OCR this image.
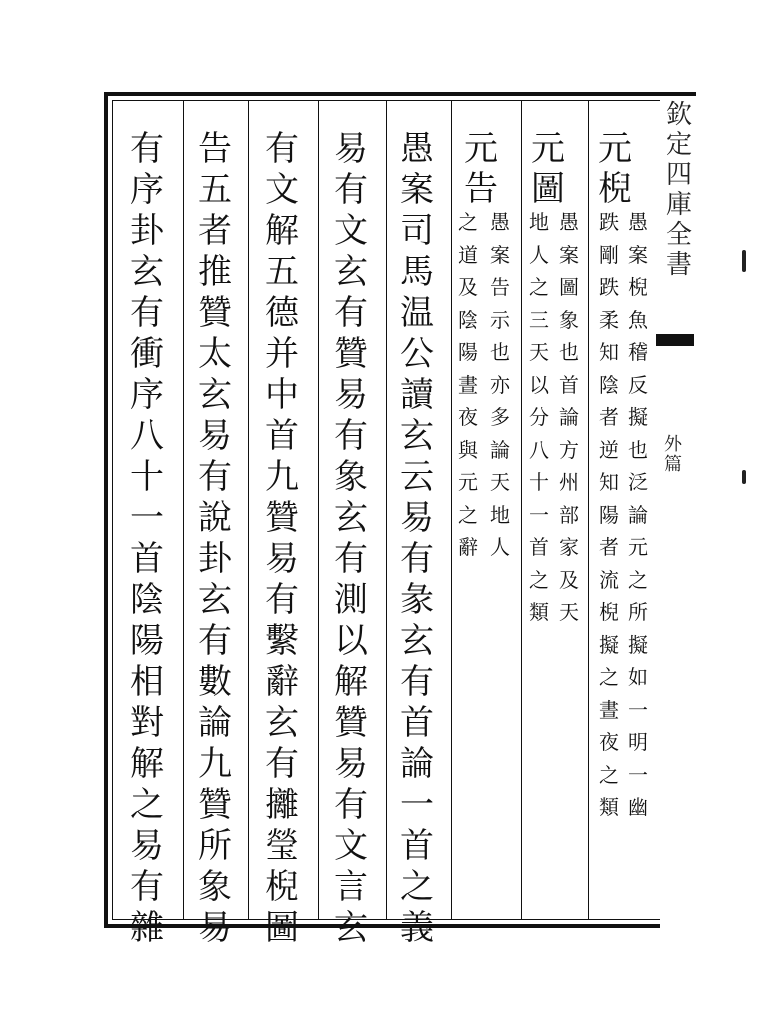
欽
定
四
庫
全
書
外
篇
元
棿
跌
剛
跌
柔
知
陰
者
逆
知
陽
者
流
棿
擬
之
晝
夜
之
類
愚
案
棿
魚
稽
反
擬
也
泛
論
元
之
所
擬
如
一
明
一
幽
元
圖
地
人
之
三
天
以
分
八
十
一
首
之
類
愚
案
圖
象
也
首
論
方
州
部
家
及
天
元
告
之
道
及
陰
陽
晝
夜
與
元
之
辭
愚
案
告
示
也
亦
多
論
天
地
人
愚
案
司
馬
温
公
讀
玄
云
易
有
彖
玄
有
首
論
一
首
之
義
易
有
文
玄
有
贊
易
有
象
玄
有
測
以
解
贊
易
有
文
言
玄
有
文
解
五
德
并
中
首
九
贊
易
有
繫
辭
玄
有
攡
瑩
棿
圖
告
五
者
推
贊
太
玄
易
有
說
卦
玄
有
數
論
九
贊
所
象
易
有
序
卦
玄
有
衝
序
八
十
一
首
陰
陽
相
對
解
之
易
有
雜
